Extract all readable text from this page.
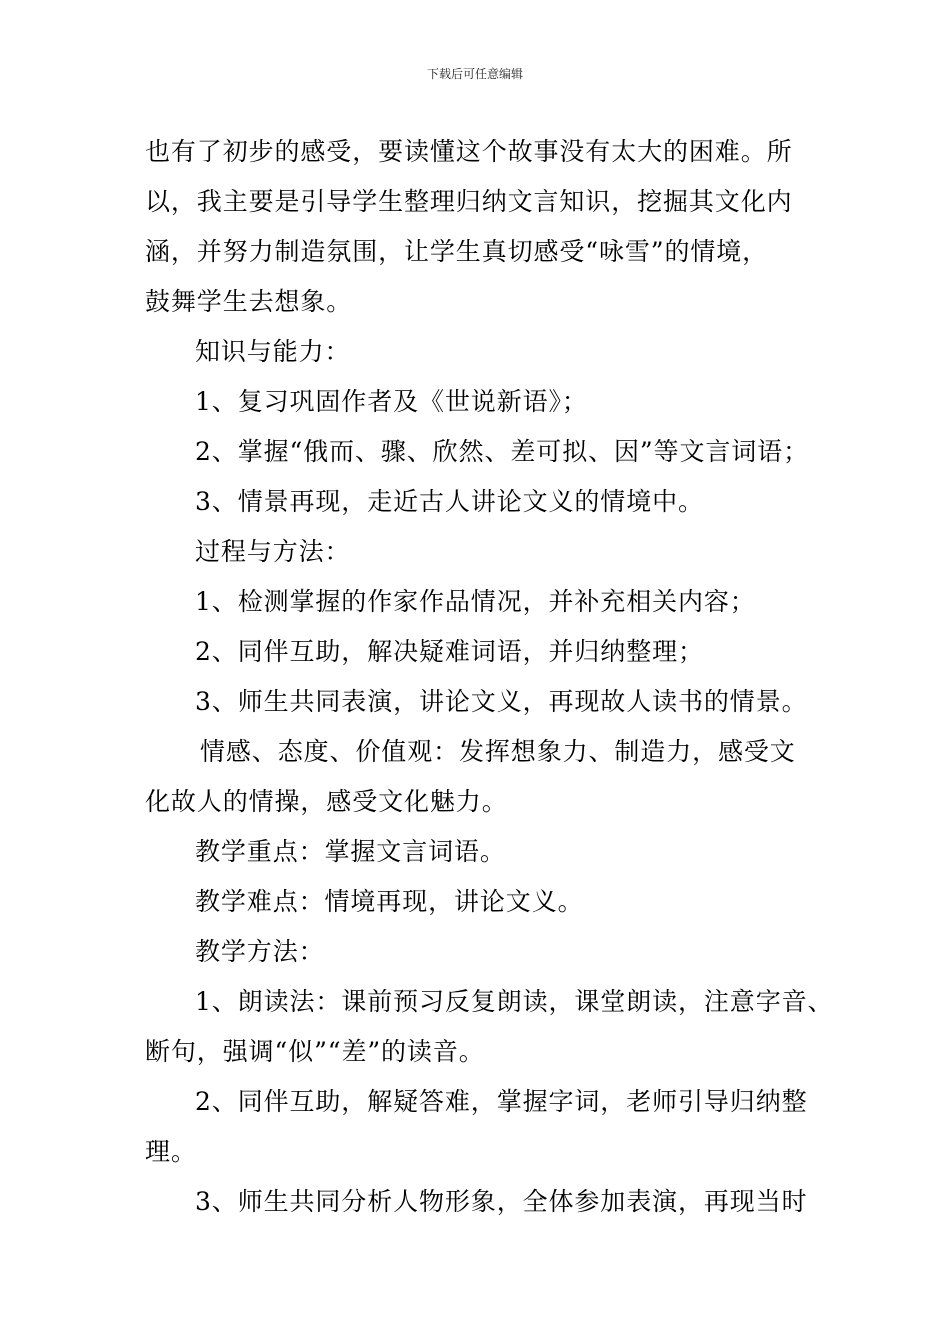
下载后可任意编辑
也有了初步的感受，要读懂这个故事没有太大的困难。所
以，我主要是引导学生整理归纳文言知识，挖掘其文化内
涵，并努力制造氛围，让学生真切感受“咏雪”的情境，
鼓舞学生去想象。
知识与能力：
1、复习巩固作者及《世说新语》；
2、掌握“俄而、骤、欣然、差可拟、因”等文言词语；
3、情景再现，走近古人讲论文义的情境中。
过程与方法：
1、检测掌握的作家作品情况，并补充相关内容；
2、同伴互助，解决疑难词语，并归纳整理；
3、师生共同表演，讲论文义，再现故人读书的情景。
情感、态度、价值观：发挥想象力、制造力，感受文
化故人的情操，感受文化魅力。
教学重点：掌握文言词语。
教学难点：情境再现，讲论文义。
教学方法：
1、朗读法：课前预习反复朗读，课堂朗读，注意字音、
断句，强调“似”“差”的读音。
2、同伴互助，解疑答难，掌握字词，老师引导归纳整
理。
3、师生共同分析人物形象，全体参加表演，再现当时
